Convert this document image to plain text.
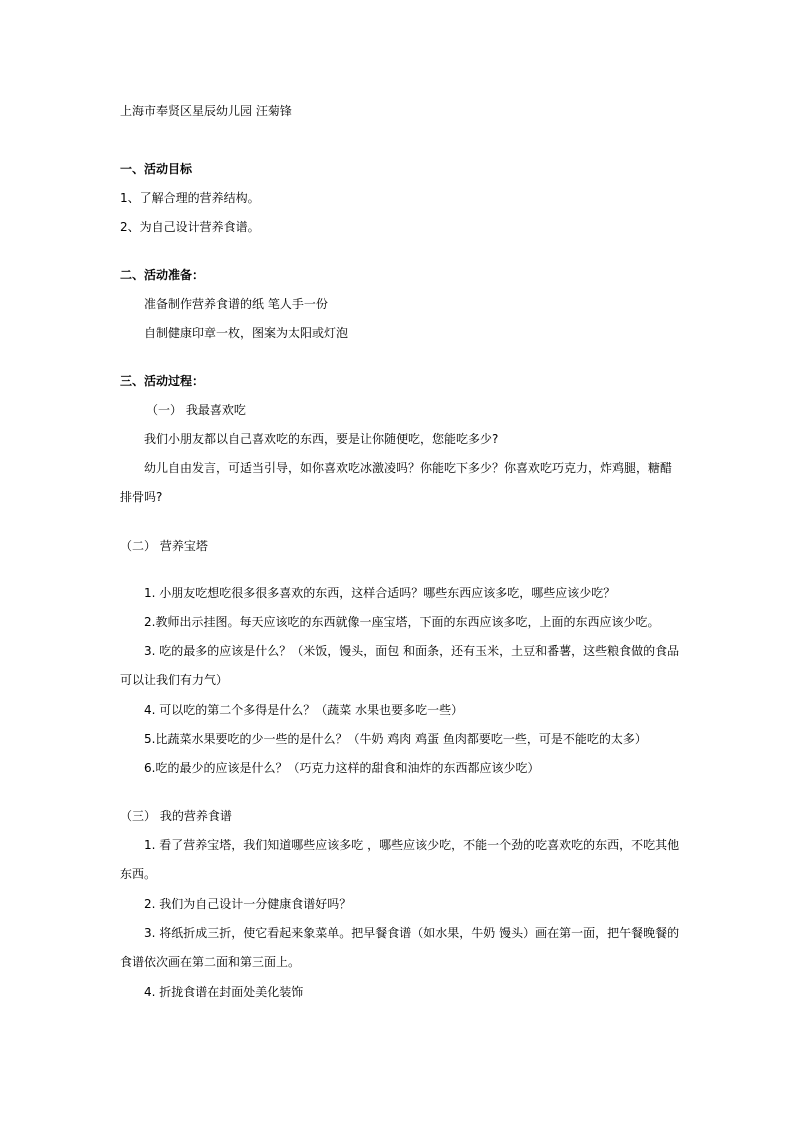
上海市奉贤区星辰幼儿园 汪菊锋
一、活动目标
1、了解合理的营养结构。
2、为自己设计营养食谱。
二、活动准备：
准备制作营养食谱的纸 笔人手一份
自制健康印章一枚，图案为太阳或灯泡
三、活动过程：
（一） 我最喜欢吃
我们小朋友都以自己喜欢吃的东西，要是让你随便吃，您能吃多少?
幼儿自由发言，可适当引导，如你喜欢吃冰激凌吗？你能吃下多少？你喜欢吃巧克力，炸鸡腿，糖醋排骨吗?
（二） 营养宝塔
1. 小朋友吃想吃很多很多喜欢的东西，这样合适吗？哪些东西应该多吃，哪些应该少吃？
2.教师出示挂图。每天应该吃的东西就像一座宝塔，下面的东西应该多吃，上面的东西应该少吃。
3. 吃的最多的应该是什么？（米饭，馒头，面包 和面条，还有玉米，土豆和番薯，这些粮食做的食品可以让我们有力气）
4. 可以吃的第二个多得是什么？（蔬菜 水果也要多吃一些）
5.比蔬菜水果要吃的少一些的是什么？（牛奶 鸡肉 鸡蛋 鱼肉都要吃一些，可是不能吃的太多）
6.吃的最少的应该是什么？（巧克力这样的甜食和油炸的东西都应该少吃）
（三） 我的营养食谱
1. 看了营养宝塔，我们知道哪些应该多吃 ，哪些应该少吃，不能一个劲的吃喜欢吃的东西，不吃其他东西。
2. 我们为自己设计一分健康食谱好吗？
3. 将纸折成三折，使它看起来象菜单。把早餐食谱（如水果，牛奶 馒头）画在第一面，把午餐晚餐的食谱依次画在第二面和第三面上。
4. 折拢食谱在封面处美化装饰
